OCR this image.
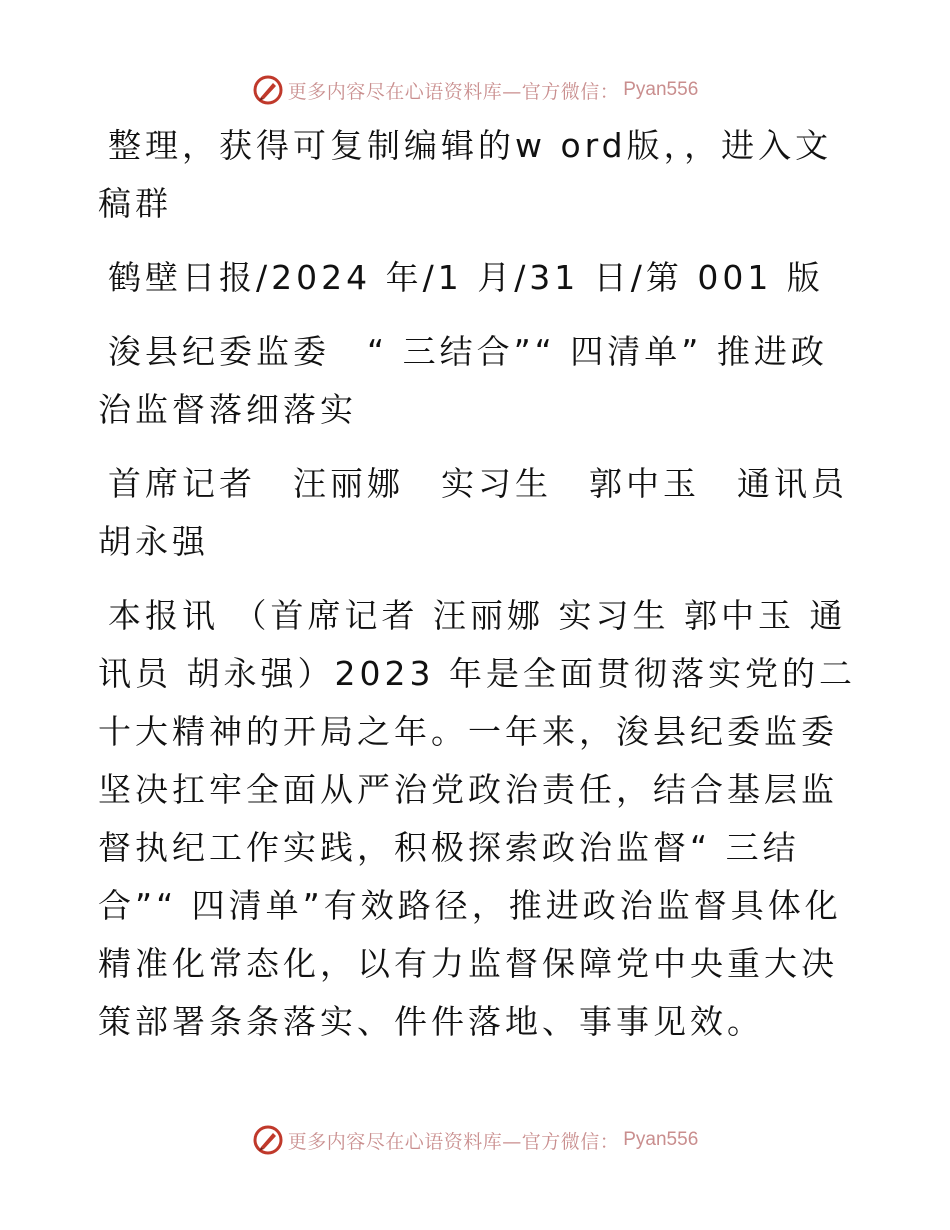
更多内容尽在心语资料库—官方微信： Pyan556

整理，获得可复制编辑的w ord版，，进入文稿群

鹤壁日报/2024 年/1 月/31 日/第 001 版

浚县纪委监委　“ 三结合”“ 四清单” 推进政治监督落细落实

首席记者　汪丽娜　实习生　郭中玉　通讯员　胡永强

本报讯 （首席记者 汪丽娜 实习生 郭中玉 通讯员 胡永强）2023 年是全面贯彻落实党的二十大精神的开局之年。一年来，浚县纪委监委坚决扛牢全面从严治党政治责任，结合基层监督执纪工作实践，积极探索政治监督“ 三结合”“ 四清单”有效路径，推进政治监督具体化精准化常态化，以有力监督保障党中央重大决策部署条条落实、件件落地、事事见效。

更多内容尽在心语资料库—官方微信： Pyan556
